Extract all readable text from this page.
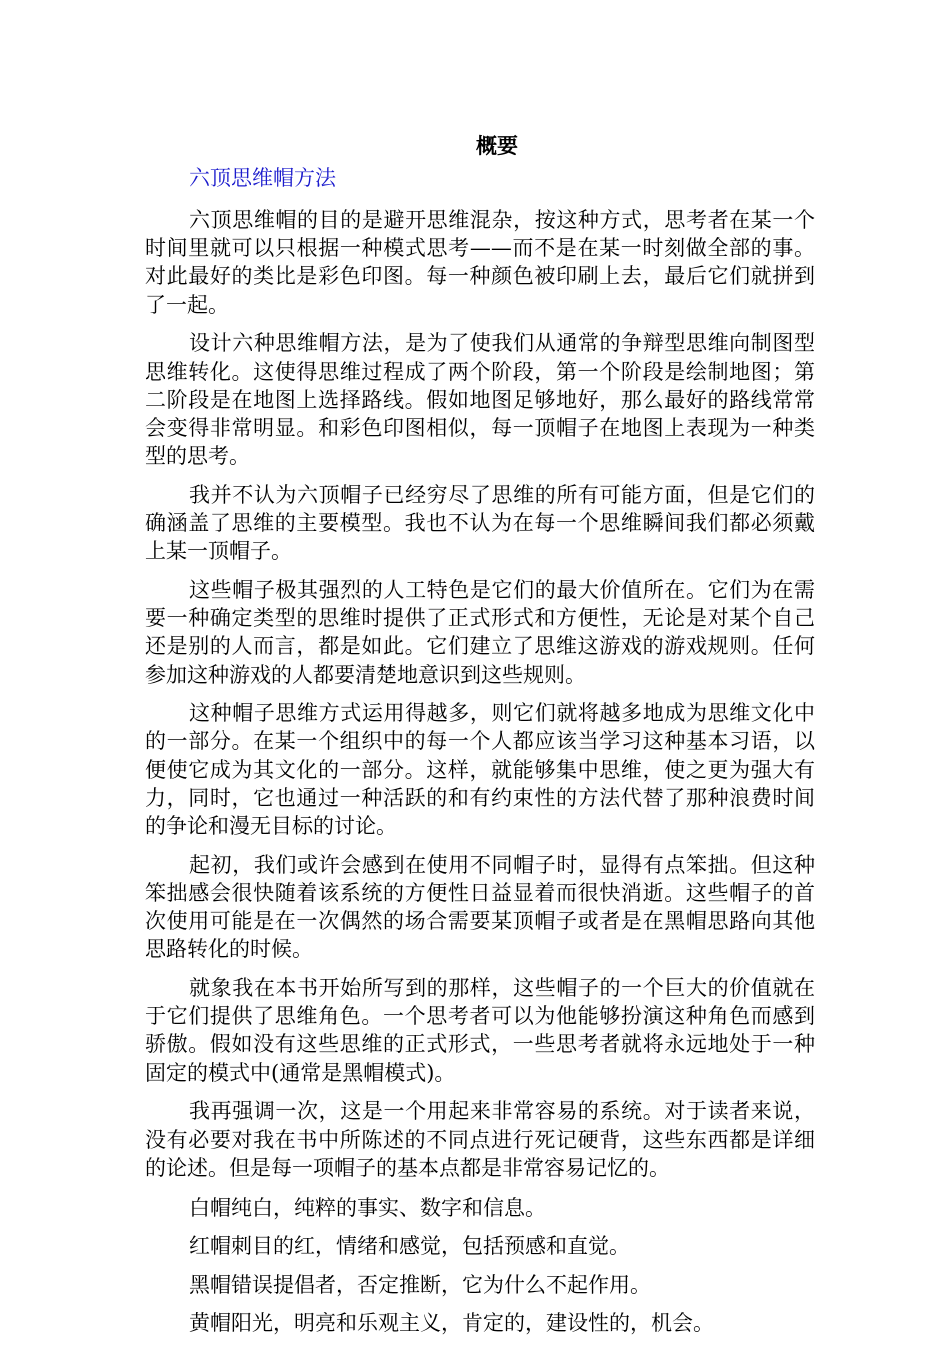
概要
六顶思维帽方法

六顶思维帽的目的是避开思维混杂，按这种方式，思考者在某一个时间里就可以只根据一种模式思考——而不是在某一时刻做全部的事。对此最好的类比是彩色印图。每一种颜色被印刷上去，最后它们就拼到了一起。

设计六种思维帽方法，是为了使我们从通常的争辩型思维向制图型思维转化。这使得思维过程成了两个阶段，第一个阶段是绘制地图；第二阶段是在地图上选择路线。假如地图足够地好，那么最好的路线常常会变得非常明显。和彩色印图相似，每一顶帽子在地图上表现为一种类型的思考。

我并不认为六顶帽子已经穷尽了思维的所有可能方面，但是它们的确涵盖了思维的主要模型。我也不认为在每一个思维瞬间我们都必须戴上某一顶帽子。

这些帽子极其强烈的人工特色是它们的最大价值所在。它们为在需要一种确定类型的思维时提供了正式形式和方便性，无论是对某个自己还是别的人而言，都是如此。它们建立了思维这游戏的游戏规则。任何参加这种游戏的人都要清楚地意识到这些规则。

这种帽子思维方式运用得越多，则它们就将越多地成为思维文化中的一部分。在某一个组织中的每一个人都应该当学习这种基本习语，以便使它成为其文化的一部分。这样，就能够集中思维，使之更为强大有力，同时，它也通过一种活跃的和有约束性的方法代替了那种浪费时间的争论和漫无目标的讨论。

起初，我们或许会感到在使用不同帽子时，显得有点笨拙。但这种笨拙感会很快随着该系统的方便性日益显着而很快消逝。这些帽子的首次使用可能是在一次偶然的场合需要某顶帽子或者是在黑帽思路向其他思路转化的时候。

就象我在本书开始所写到的那样，这些帽子的一个巨大的价值就在于它们提供了思维角色。一个思考者可以为他能够扮演这种角色而感到骄傲。假如没有这些思维的正式形式，一些思考者就将永远地处于一种固定的模式中(通常是黑帽模式)。

我再强调一次，这是一个用起来非常容易的系统。对于读者来说，没有必要对我在书中所陈述的不同点进行死记硬背，这些东西都是详细的论述。但是每一项帽子的基本点都是非常容易记忆的。

白帽纯白，纯粹的事实、数字和信息。

红帽刺目的红，情绪和感觉，包括预感和直觉。

黑帽错误提倡者，否定推断，它为什么不起作用。

黄帽阳光，明亮和乐观主义，肯定的，建设性的，机会。
